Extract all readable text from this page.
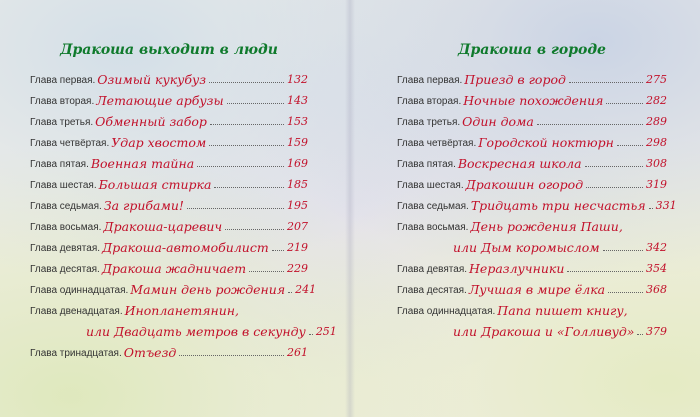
Дракоша выходит в люди
Глава первая. Озимый кукубуз	132
Глава вторая. Летающие арбузы	143
Глава третья. Обменный забор	153
Глава четвёртая. Удар хвостом	159
Глава пятая. Военная тайна	169
Глава шестая. Большая стирка	185
Глава седьмая. За грибами!	195
Глава восьмая. Дракоша-царевич	207
Глава девятая. Дракоша-автомобилист 219
Глава десятая. Дракоша жадничает	229
Глава одиннадцатая. Мамин день рождения 241
Глава двенадцатая. Инопланетянин,
или Двадцать метров в секунду 251
Глава тринадцатая. Отъезд	261
Дракоша в городе
Глава первая. Приезд в город	275
Глава вторая. Ночные похождения	282
Глава третья. Один дома	289
Глава четвёртая. Городской ноктюрн	298
Глава пятая. Воскресная школа	308
Глава шестая. Дракошин огород	319
Глава седьмая. Тридцать три несчастья 331
Глава восьмая. День рождения Паши,
или Дым коромыслом	342
Глава девятая. Неразлучники	354
Глава десятая. Лучшая в мире ёлка	368
Глава одиннадцатая. Папа пишет книгу,
или Дракоша и «Голливуд» 379
